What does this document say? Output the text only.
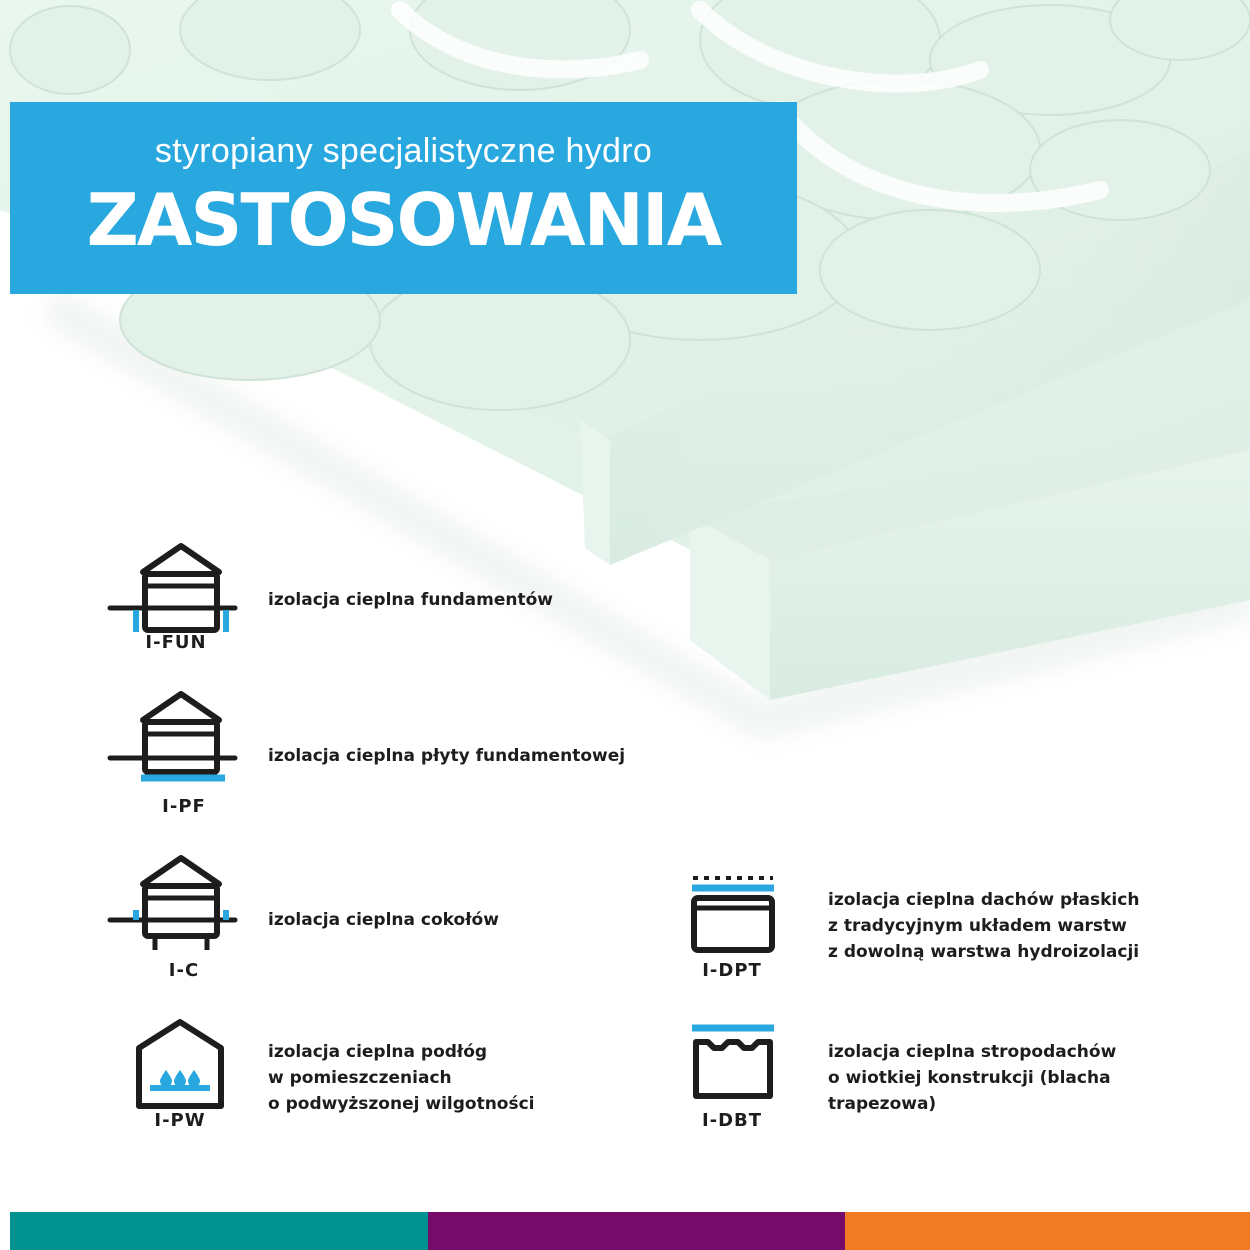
styropiany specjalistyczne hydro
ZASTOSOWANIA
I-FUN
izolacja cieplna fundamentów
I-PF
izolacja cieplna płyty fundamentowej
I-C
izolacja cieplna cokołów
I-PW
izolacja cieplna podłóg
w pomieszczeniach
o podwyższonej wilgotności
I-DPT
izolacja cieplna dachów płaskich
z tradycyjnym układem warstw
z dowolną warstwa hydroizolacji
I-DBT
izolacja cieplna stropodachów
o wiotkiej konstrukcji (blacha
trapezowa)
